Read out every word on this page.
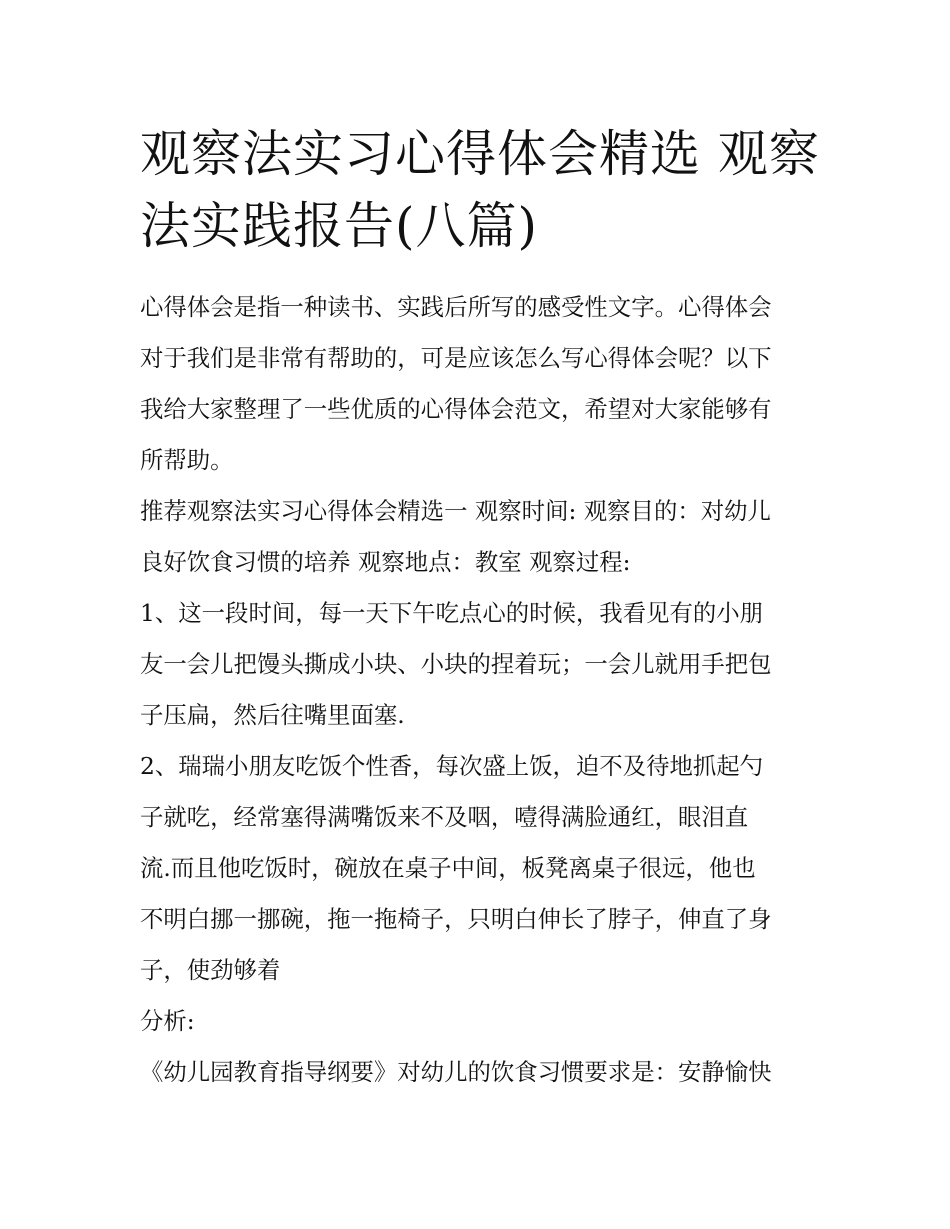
观察法实习心得体会精选 观察
法实践报告(八篇)

心得体会是指一种读书、实践后所写的感受性文字。心得体会
对于我们是非常有帮助的，可是应该怎么写心得体会呢？以下
我给大家整理了一些优质的心得体会范文，希望对大家能够有
所帮助。

推荐观察法实习心得体会精选一 观察时间: 观察目的：对幼儿
良好饮食习惯的培养 观察地点：教室 观察过程:

1、这一段时间，每一天下午吃点心的时候，我看见有的小朋
友一会儿把馒头撕成小块、小块的捏着玩；一会儿就用手把包
子压扁，然后往嘴里面塞.

2、瑞瑞小朋友吃饭个性香，每次盛上饭，迫不及待地抓起勺
子就吃，经常塞得满嘴饭来不及咽，噎得满脸通红，眼泪直
流.而且他吃饭时，碗放在桌子中间，板凳离桌子很远，他也
不明白挪一挪碗，拖一拖椅子，只明白伸长了脖子，伸直了身
子，使劲够着

分析:

《幼儿园教育指导纲要》对幼儿的饮食习惯要求是：安静愉快
